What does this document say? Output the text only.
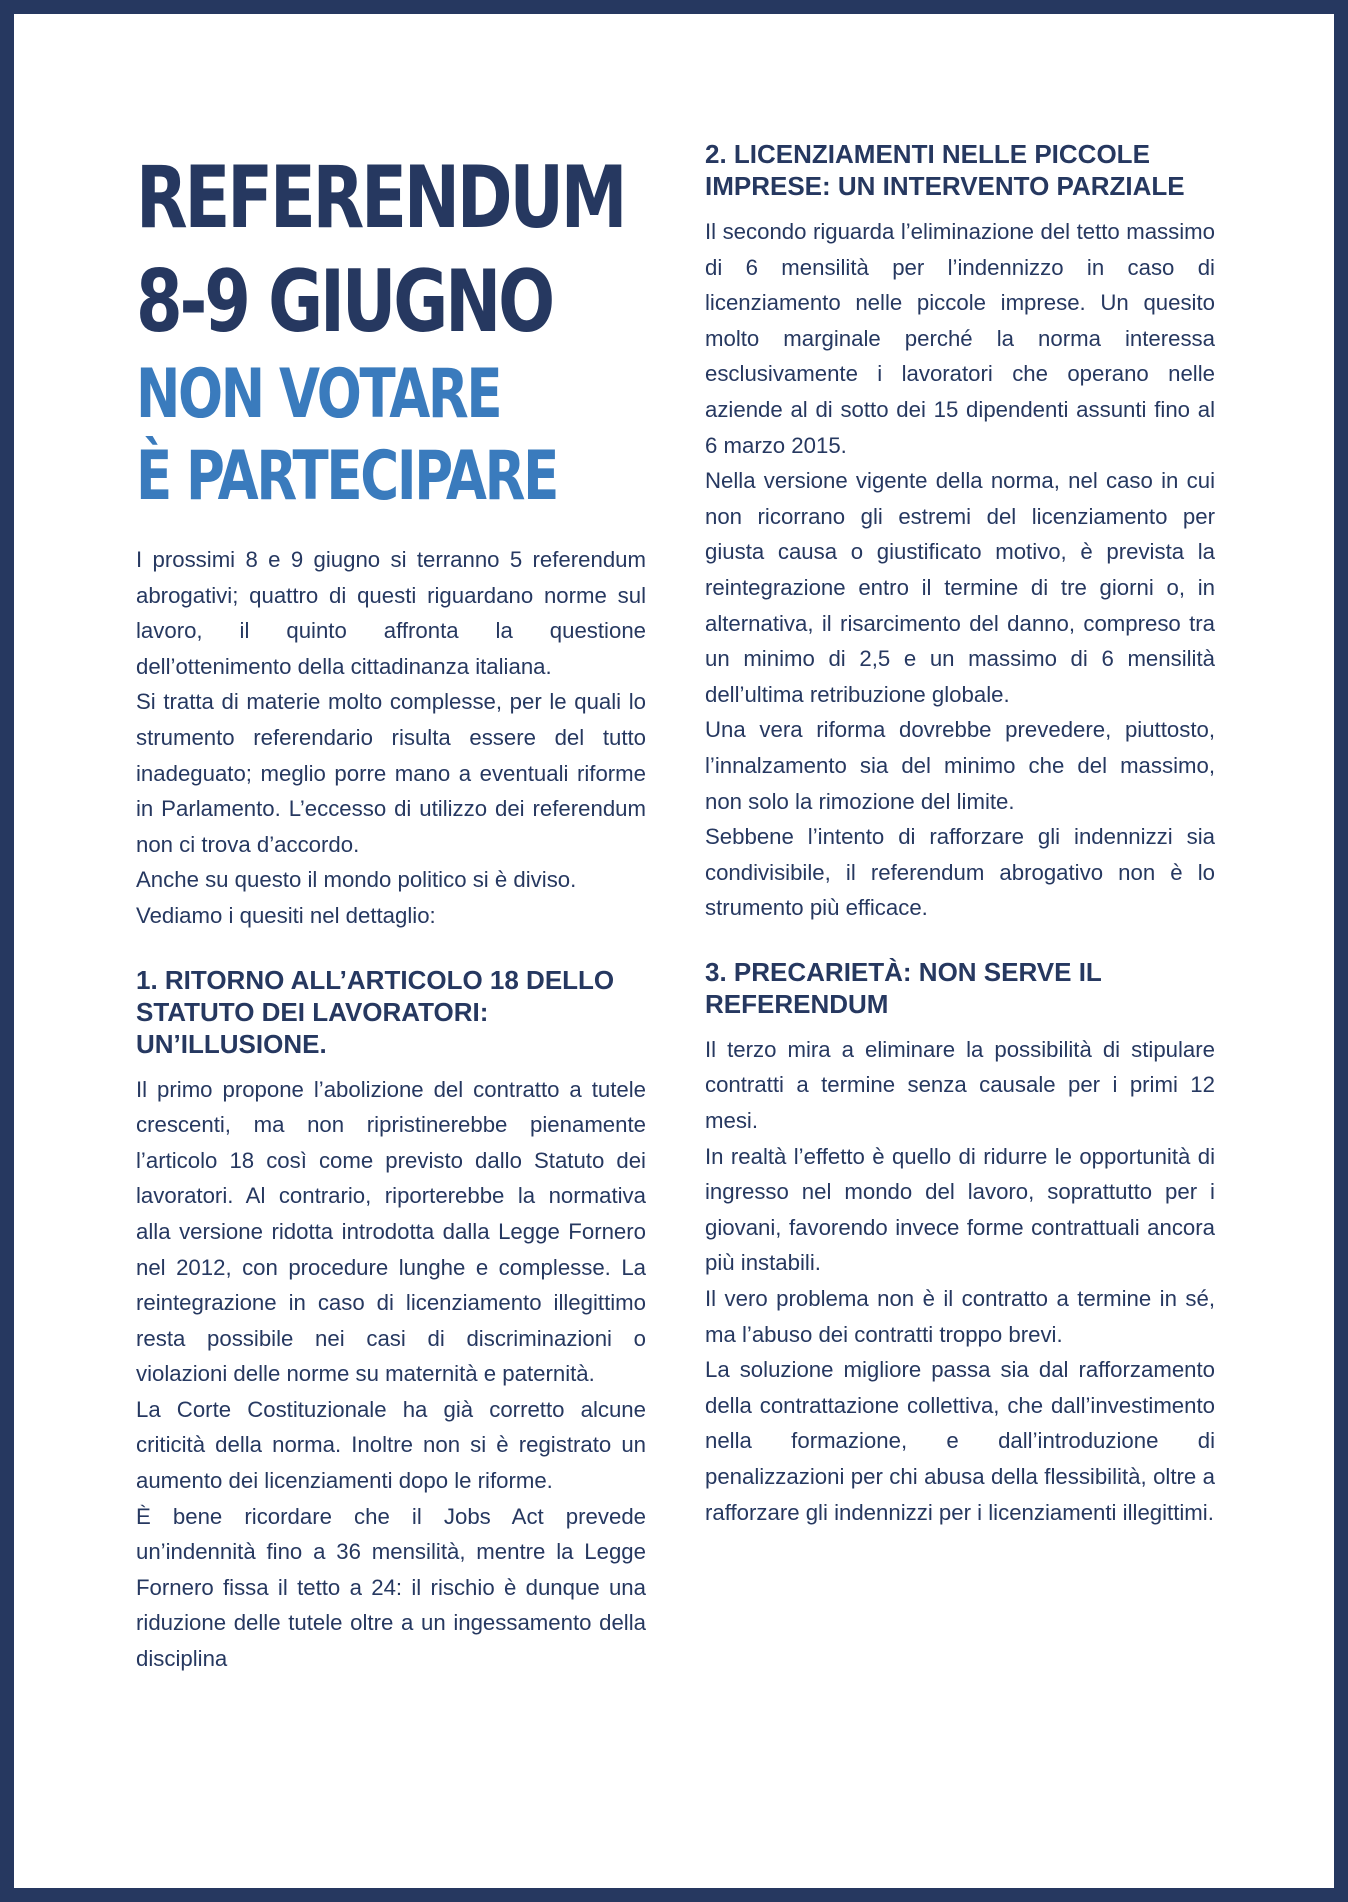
REFERENDUM
8-9 GIUGNO
NON VOTARE
È PARTECIPARE

I prossimi 8 e 9 giugno si terranno 5 referendum abrogativi; quattro di questi riguardano norme sul lavoro, il quinto affronta la questione dell’ottenimento della cittadinanza italiana.

Si tratta di materie molto complesse, per le quali lo strumento referendario risulta essere del tutto inadeguato; meglio porre mano a eventuali riforme in Parlamento. L’eccesso di utilizzo dei referendum non ci trova d’accordo.

Anche su questo il mondo politico si è diviso.

Vediamo i quesiti nel dettaglio:

1. RITORNO ALL’ARTICOLO 18 DELLO STATUTO DEI LAVORATORI: UN’ILLUSIONE.

Il primo propone l’abolizione del contratto a tutele crescenti, ma non ripristinerebbe pienamente l’articolo 18 così come previsto dallo Statuto dei lavoratori. Al contrario, riporterebbe la normativa alla versione ridotta introdotta dalla Legge Fornero nel 2012, con procedure lunghe e complesse. La reintegrazione in caso di licenziamento illegittimo resta possibile nei casi di discriminazioni o violazioni delle norme su maternità e paternità.

La Corte Costituzionale ha già corretto alcune criticità della norma. Inoltre non si è registrato un aumento dei licenziamenti dopo le riforme.

È bene ricordare che il Jobs Act prevede un’indennità fino a 36 mensilità, mentre la Legge Fornero fissa il tetto a 24: il rischio è dunque una riduzione delle tutele oltre a un ingessamento della disciplina

2. LICENZIAMENTI NELLE PICCOLE IMPRESE: UN INTERVENTO PARZIALE

Il secondo riguarda l’eliminazione del tetto massimo di 6 mensilità per l’indennizzo in caso di licenziamento nelle piccole imprese. Un quesito molto marginale perché la norma interessa esclusivamente i lavoratori che operano nelle aziende al di sotto dei 15 dipendenti assunti fino al 6 marzo 2015.

Nella versione vigente della norma, nel caso in cui non ricorrano gli estremi del licenziamento per giusta causa o giustificato motivo, è prevista la reintegrazione entro il termine di tre giorni o, in alternativa, il risarcimento del danno, compreso tra un minimo di 2,5 e un massimo di 6 mensilità dell’ultima retribuzione globale.

Una vera riforma dovrebbe prevedere, piuttosto, l’innalzamento sia del minimo che del massimo, non solo la rimozione del limite.

Sebbene l’intento di rafforzare gli indennizzi sia condivisibile, il referendum abrogativo non è lo strumento più efficace.

3. PRECARIETÀ: NON SERVE IL REFERENDUM

Il terzo mira a eliminare la possibilità di stipulare contratti a termine senza causale per i primi 12 mesi.

In realtà l’effetto è quello di ridurre le opportunità di ingresso nel mondo del lavoro, soprattutto per i giovani, favorendo invece forme contrattuali ancora più instabili.

Il vero problema non è il contratto a termine in sé, ma l’abuso dei contratti troppo brevi.

La soluzione migliore passa sia dal rafforzamento della contrattazione collettiva, che dall’investimento nella formazione, e dall’introduzione di penalizzazioni per chi abusa della flessibilità, oltre a rafforzare gli indennizzi per i licenziamenti illegittimi.
